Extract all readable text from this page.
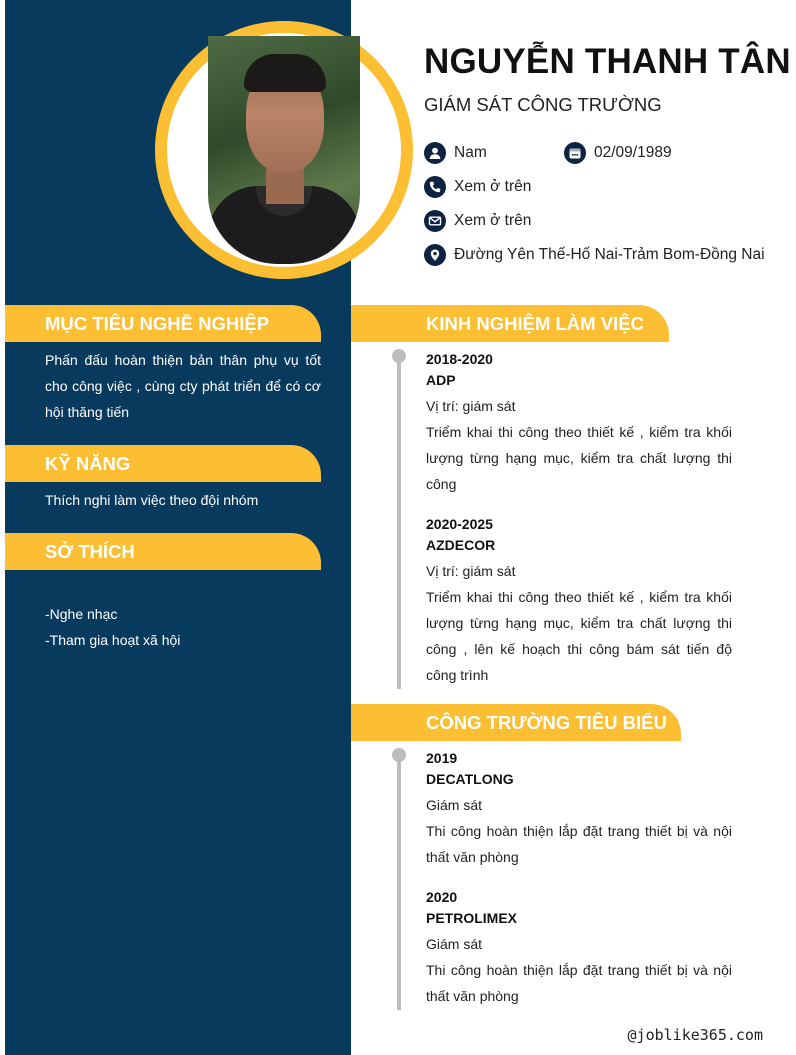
NGUYỄN THANH TÂN
GIÁM SÁT CÔNG TRƯỜNG
Nam	02/09/1989
Xem ở trên
Xem ở trên
Đường Yên Thế-Hố Nai-Trảm Bom-Đồng Nai
MỤC TIÊU NGHỀ NGHIỆP
Phấn đấu hoàn thiện bản thân phụ vụ tốt cho công việc , cùng cty phát triển để có cơ hội thăng tiến
KỸ NĂNG
Thích nghi làm việc theo đội nhóm
SỞ THÍCH
-Nghe nhạc
-Tham gia hoạt xã hội
KINH NGHIỆM LÀM VIỆC
2018-2020
ADP
Vị trí: giám sát
Triểm khai thi công theo thiết kế , kiểm tra khối lượng từng hạng mục, kiểm tra chất lượng thi công
2020-2025
AZDECOR
Vị trí: giám sát
Triểm khai thi công theo thiết kế , kiểm tra khối lượng từng hạng mục, kiểm tra chất lượng thi công , lên kế hoạch thi công bám sát tiến độ công trình
CÔNG TRƯỜNG TIÊU BIỂU
2019
DECATLONG
Giám sát
Thi công hoàn thiện lắp đặt trang thiết bị và nội thất văn phòng
2020
PETROLIMEX
Giám sát
Thi công hoàn thiện lắp đặt trang thiết bị và nội thất văn phòng
@joblike365.com
